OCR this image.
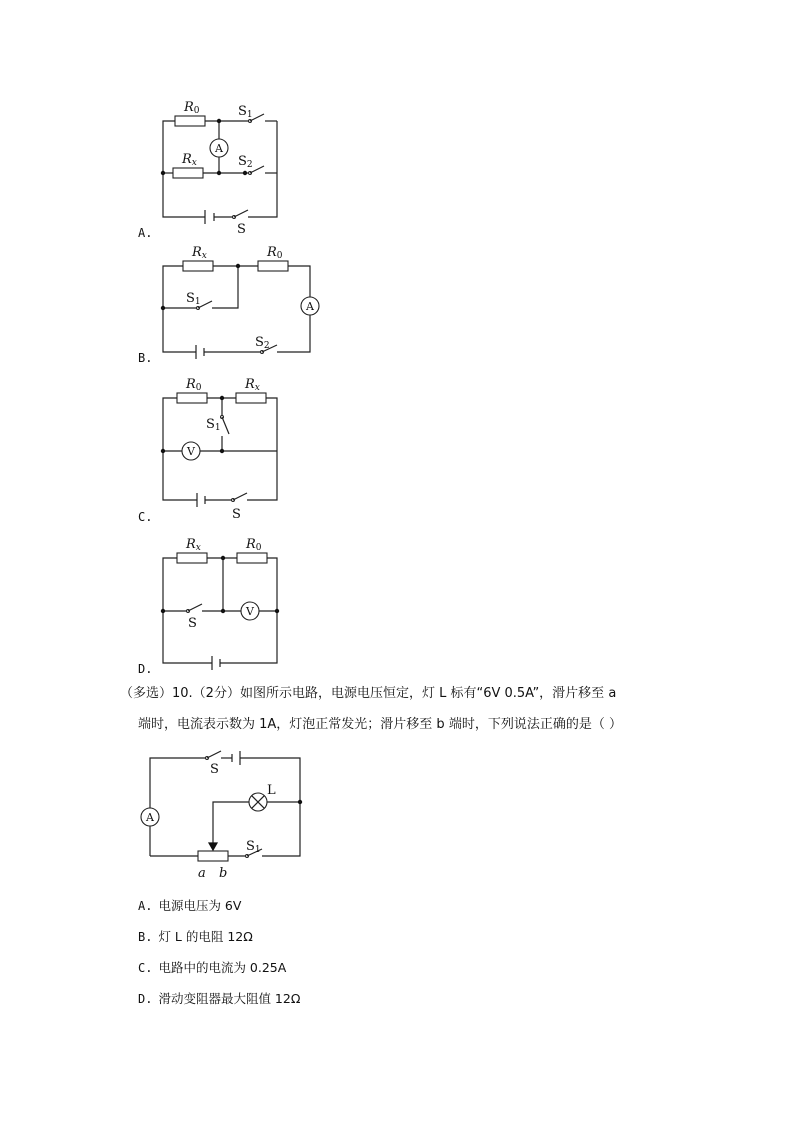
A
R0
Rx
S1
S2
S
A.
A
Rx	R0
S1
S2
B.
V
R0	Rx
S1
S
C.
V
Rx	R0
S
D.
（多选）10.（2分）如图所示电路，电源电压恒定，灯 L 标有“6V 0.5A”，滑片移至 a
端时，电流表示数为 1A，灯泡正常发光；滑片移至 b 端时，下列说法正确的是（ ）
A
S
L
S1
a b
A. 电源电压为 6V
B. 灯 L 的电阻 12Ω
C. 电路中的电流为 0.25A
D. 滑动变阻器最大阻值 12Ω
